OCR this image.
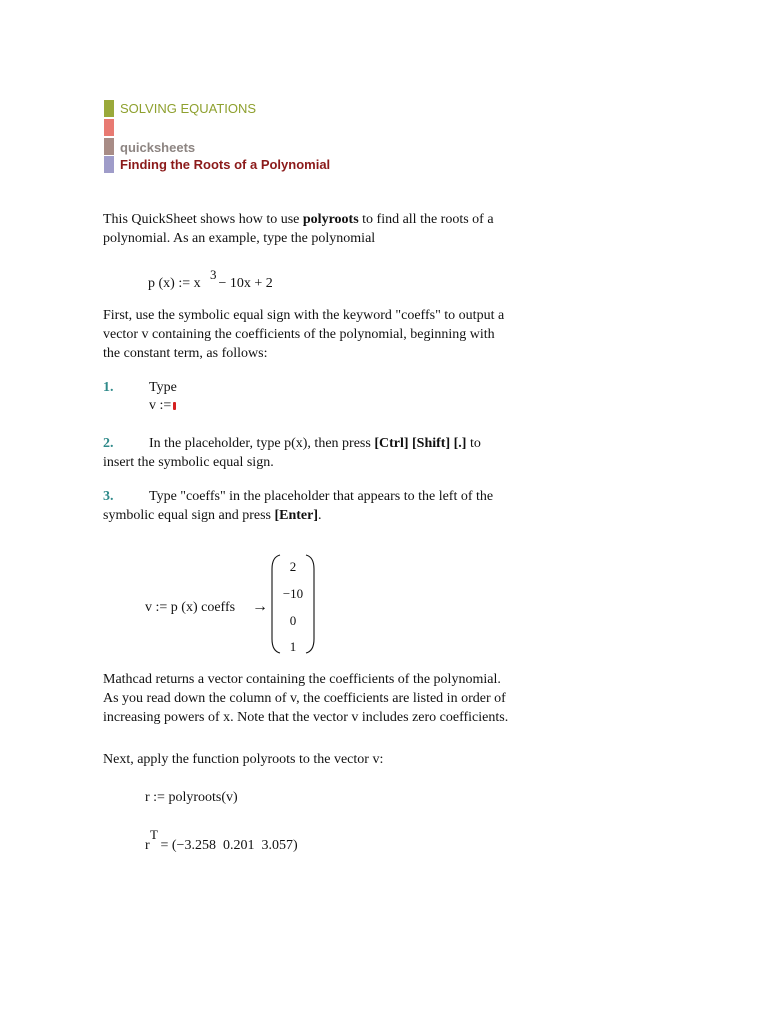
SOLVING EQUATIONS
quicksheets
Finding the Roots of a Polynomial
This QuickSheet shows how to use polyroots to find all the roots of a
polynomial. As an example, type the polynomial
p (x) := x
3
− 10x + 2
First, use the symbolic equal sign with the keyword "coeffs" to output a
vector v containing the coefficients of the polynomial, beginning with
the constant term, as follows:
1.	Type
v :=
2.	In the placeholder, type p(x), then press [Ctrl] [Shift] [.] to
insert the symbolic equal sign.
3.	Type "coeffs" in the placeholder that appears to the left of the
symbolic equal sign and press [Enter].
v := p (x) coeffs →
2
−10
0
1
Mathcad returns a vector containing the coefficients of the polynomial.
As you read down the column of v, the coefficients are listed in order of
increasing powers of x. Note that the vector v includes zero coefficients.
Next, apply the function polyroots to the vector v:
r := polyroots(v)
r
T
= (−3.258  0.201  3.057)
